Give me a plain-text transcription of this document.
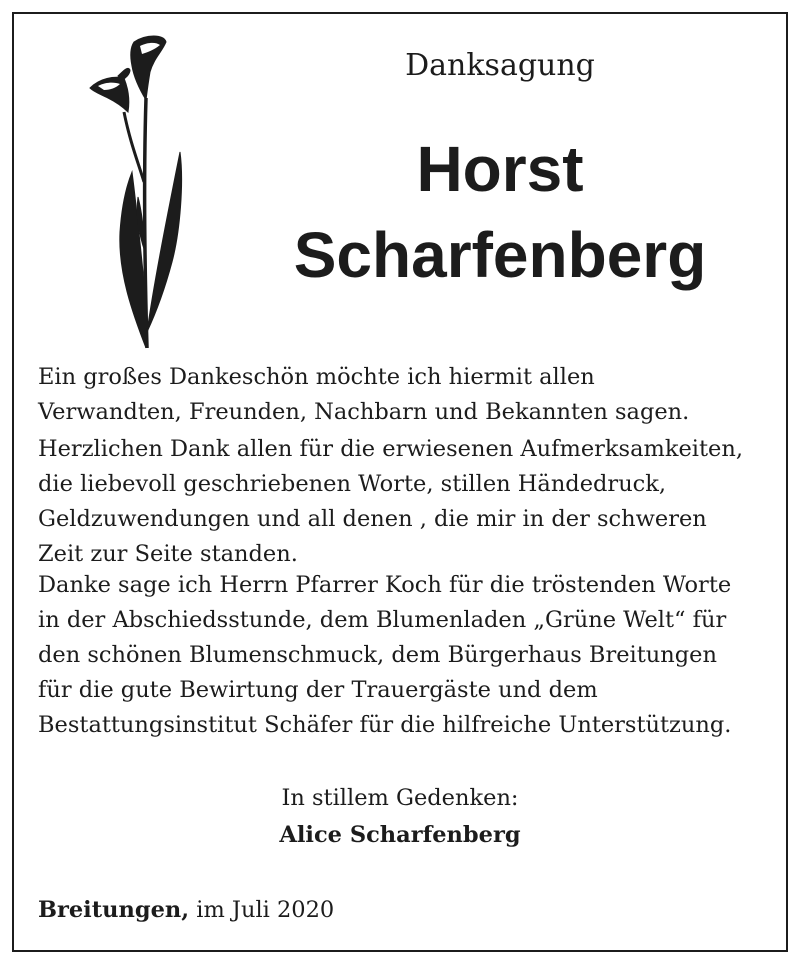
Danksagung
Horst
Scharfenberg

Ein großes Dankeschön möchte ich hiermit allen
Verwandten, Freunden, Nachbarn und Bekannten sagen.

Herzlichen Dank allen für die erwiesenen Aufmerksamkeiten,
die liebevoll geschriebenen Worte, stillen Händedruck,
Geldzuwendungen und all denen , die mir in der schweren
Zeit zur Seite standen.

Danke sage ich Herrn Pfarrer Koch für die tröstenden Worte
in der Abschiedsstunde, dem Blumenladen „Grüne Welt“ für
den schönen Blumenschmuck, dem Bürgerhaus Breitungen
für die gute Bewirtung der Trauergäste und dem
Bestattungsinstitut Schäfer für die hilfreiche Unterstützung.

In stillem Gedenken:
Alice Scharfenberg
Breitungen, im Juli 2020
